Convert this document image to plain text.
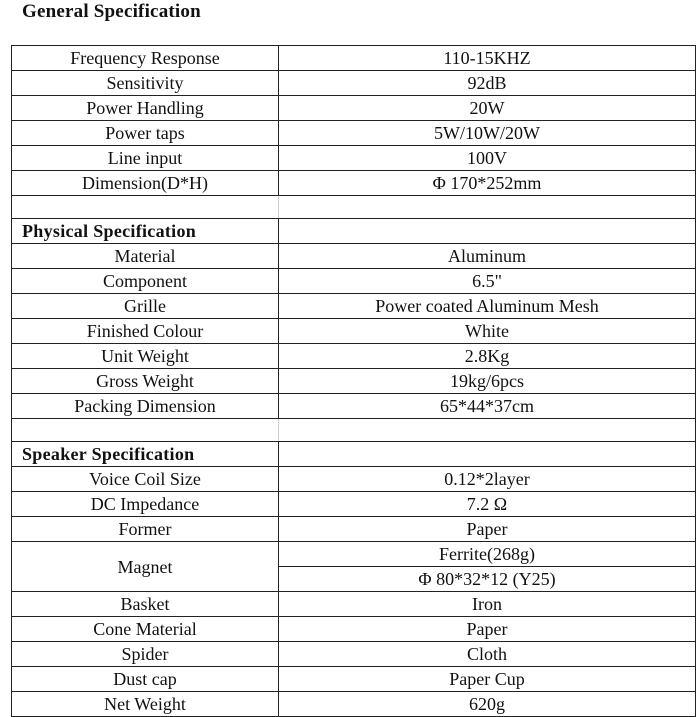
General Specification
Frequency Response	110-15KHZ
Sensitivity	92dB
Power Handling	20W
Power taps	5W/10W/20W
Line input	100V
Dimension(D*H)	Φ 170*252mm

Physical Specification	
Material	Aluminum
Component	6.5"
Grille	Power coated Aluminum Mesh
Finished Colour	White
Unit Weight	2.8Kg
Gross Weight	19kg/6pcs
Packing Dimension	65*44*37cm

Speaker Specification	
Voice Coil Size	0.12*2layer
DC Impedance	7.2 Ω
Former	Paper
Magnet	Ferrite(268g)
	Φ 80*32*12 (Y25)
Basket	Iron
Cone Material	Paper
Spider	Cloth
Dust cap	Paper Cup
Net Weight	620g
